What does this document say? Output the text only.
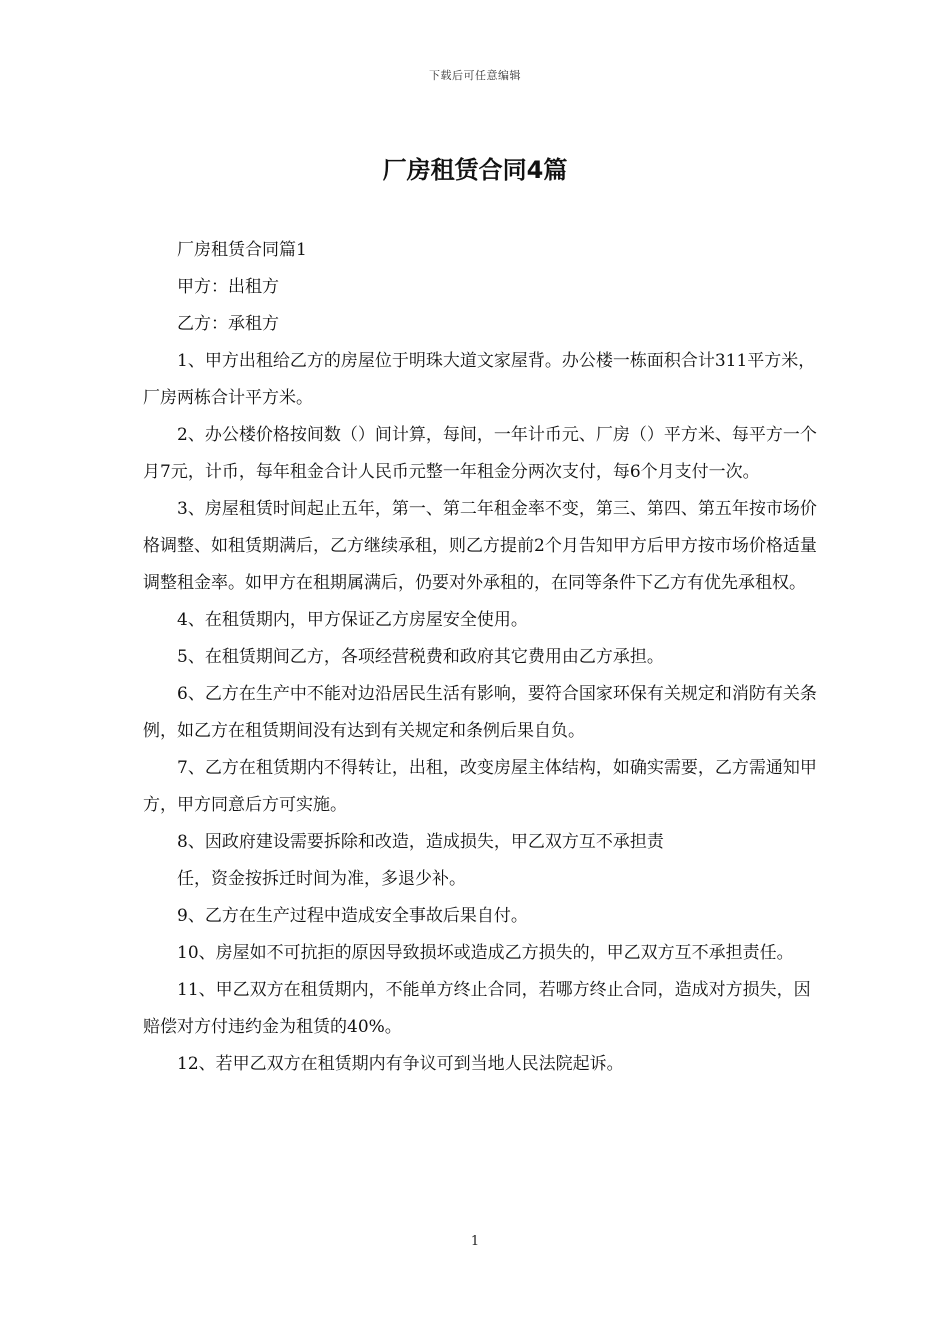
下载后可任意编辑
厂房租赁合同4篇

厂房租赁合同篇1

甲方：出租方

乙方：承租方

1、甲方出租给乙方的房屋位于明珠大道文家屋背。办公楼一栋面积合计311平方米，厂房两栋合计平方米。

2、办公楼价格按间数（）间计算，每间，一年计币元、厂房（）平方米、每平方一个月7元，计币，每年租金合计人民币元整一年租金分两次支付，每6个月支付一次。

3、房屋租赁时间起止五年，第一、第二年租金率不变，第三、第四、第五年按市场价格调整、如租赁期满后，乙方继续承租，则乙方提前2个月告知甲方后甲方按市场价格适量调整租金率。如甲方在租期属满后，仍要对外承租的，在同等条件下乙方有优先承租权。

4、在租赁期内，甲方保证乙方房屋安全使用。

5、在租赁期间乙方，各项经营税费和政府其它费用由乙方承担。

6、乙方在生产中不能对边沿居民生活有影响，要符合国家环保有关规定和消防有关条例，如乙方在租赁期间没有达到有关规定和条例后果自负。

7、乙方在租赁期内不得转让，出租，改变房屋主体结构，如确实需要，乙方需通知甲方，甲方同意后方可实施。

8、因政府建设需要拆除和改造，造成损失，甲乙双方互不承担责

任，资金按拆迁时间为准，多退少补。

9、乙方在生产过程中造成安全事故后果自付。

10、房屋如不可抗拒的原因导致损坏或造成乙方损失的，甲乙双方互不承担责任。

11、甲乙双方在租赁期内，不能单方终止合同，若哪方终止合同，造成对方损失，因赔偿对方付违约金为租赁的40%。

12、若甲乙双方在租赁期内有争议可到当地人民法院起诉。

1
